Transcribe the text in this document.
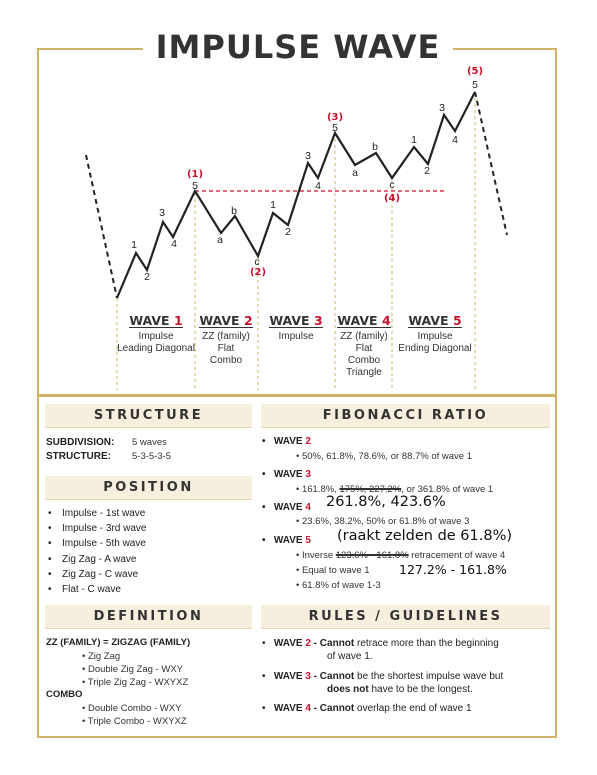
IMPULSE WAVE
(1)
(2)
(3)
(4)
(5)
1
2
3
4
5
a
b
c
1
2
3
4
5
a
b
c
1
2
3
4
5
WAVE 1
Impulse
Leading Diagonal
WAVE 2
ZZ (family)
Flat
Combo
WAVE 3
Impulse
WAVE 4
ZZ (family)
Flat
Combo
Triangle
WAVE 5
Impulse
Ending Diagonal
STRUCTURE
SUBDIVISION: 5 waves
STRUCTURE: 5-3-5-3-5
POSITION
• Impulse - 1st wave
• Impulse - 3rd wave
• Impulse - 5th wave
• Zig Zag - A wave
• Zig Zag - C wave
• Flat - C wave
DEFINITION
ZZ (FAMILY) = ZIGZAG (FAMILY)
• Zig Zag
• Double Zig Zag - WXY
• Triple Zig Zag - WXYXZ
COMBO
• Double Combo - WXY
• Triple Combo - WXYXZ
FIBONACCI RATIO
•   WAVE 2
• 50%, 61.8%, 78.6%, or 88.7% of wave 1
•   WAVE 3
• 161.8%, 175%, 227.2%, or 361.8% of wave 1
•   WAVE 4 261.8%, 423.6%
• 23.6%, 38.2%, 50% or 61.8% of wave 3
•   WAVE 5 (raakt zelden de 61.8%)
• Inverse 123.6% - 161.8% retracement of wave 4
• Equal to wave 1 127.2% - 161.8%
• 61.8% of wave 1-3
RULES / GUIDELINES
•   WAVE 2 - Cannot retrace more than the beginning
of wave 1.
•   WAVE 3 - Cannot be the shortest impulse wave but
does not have to be the longest.
•   WAVE 4 - Cannot overlap the end of wave 1
